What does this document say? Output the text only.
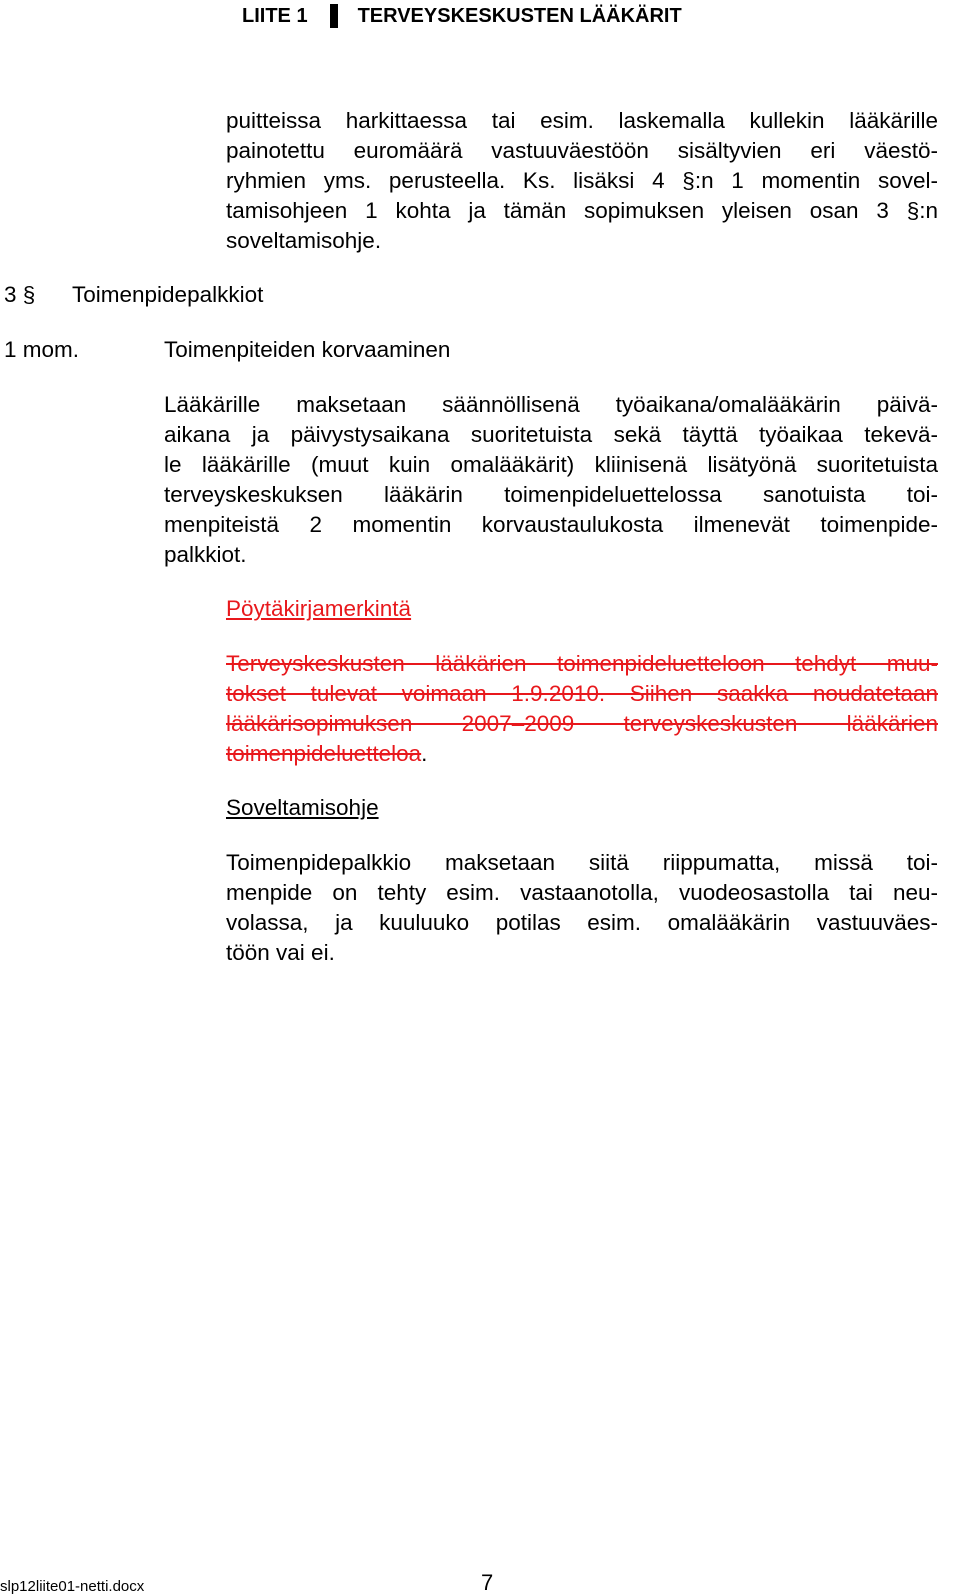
LIITE 1	TERVEYSKESKUSTEN LÄÄKÄRIT
puitteissa harkittaessa tai esim. laskemalla kullekin lääkärille
painotettu euromäärä vastuuväestöön sisältyvien eri väestö-
ryhmien yms. perusteella. Ks. lisäksi 4 §:n 1 momentin sovel-
tamisohjeen 1 kohta ja tämän sopimuksen yleisen osan 3 §:n
soveltamisohje.
3 § Toimenpidepalkkiot
1 mom.	Toimenpiteiden korvaaminen
Lääkärille maksetaan säännöllisenä työaikana/omalääkärin päivä-
aikana ja päivystysaikana suoritetuista sekä täyttä työaikaa tekevä-
le lääkärille (muut kuin omalääkärit) kliinisenä lisätyönä suoritetuista
terveyskeskuksen lääkärin toimenpideluettelossa sanotuista toi-
menpiteistä 2 momentin korvaustaulukosta ilmenevät toimenpide-
palkkiot.
Pöytäkirjamerkintä
Terveyskeskusten lääkärien toimenpideluetteloon tehdyt muu-
tokset tulevat voimaan 1.9.2010. Siihen saakka noudatetaan
lääkärisopimuksen 2007–2009 terveyskeskusten lääkärien
toimenpideluetteloa.
Soveltamisohje
Toimenpidepalkkio maksetaan siitä riippumatta, missä toi-
menpide on tehty esim. vastaanotolla, vuodeosastolla tai neu-
volassa, ja kuuluuko potilas esim. omalääkärin vastuuväes-
töön vai ei.
slp12liite01-netti.docx	7
